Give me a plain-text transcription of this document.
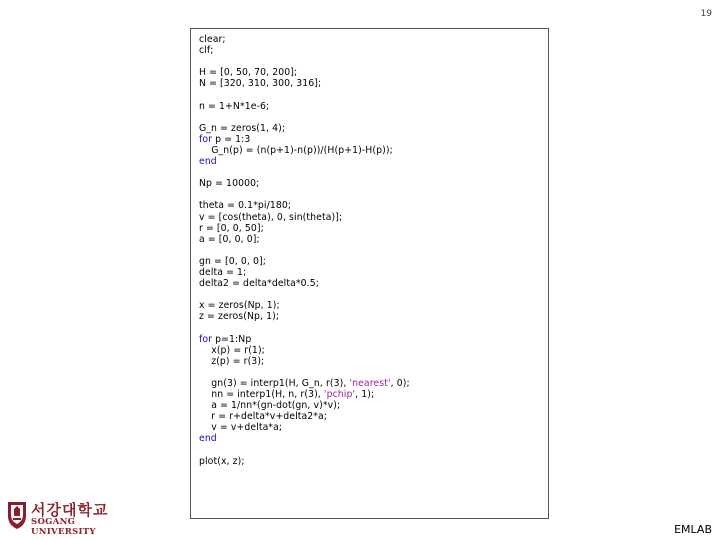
19
clear;
clf;
H = [0, 50, 70, 200];
N = [320, 310, 300, 316];
n = 1+N*1e-6;
G_n = zeros(1, 4);
for p = 1:3
G_n(p) = (n(p+1)-n(p))/(H(p+1)-H(p));
end
Np = 10000;
theta = 0.1*pi/180;
v = [cos(theta), 0, sin(theta)];
r = [0, 0, 50];
a = [0, 0, 0];
gn = [0, 0, 0];
delta = 1;
delta2 = delta*delta*0.5;
x = zeros(Np, 1);
z = zeros(Np, 1);
for p=1:Np
x(p) = r(1);
z(p) = r(3);
gn(3) = interp1(H, G_n, r(3), 'nearest', 0);
nn = interp1(H, n, r(3), 'pchip', 1);
a = 1/nn*(gn-dot(gn, v)*v);
r = r+delta*v+delta2*a;
v = v+delta*a;
end
plot(x, z);
서강대학교
SOGANG UNIVERSITY	EMLAB
